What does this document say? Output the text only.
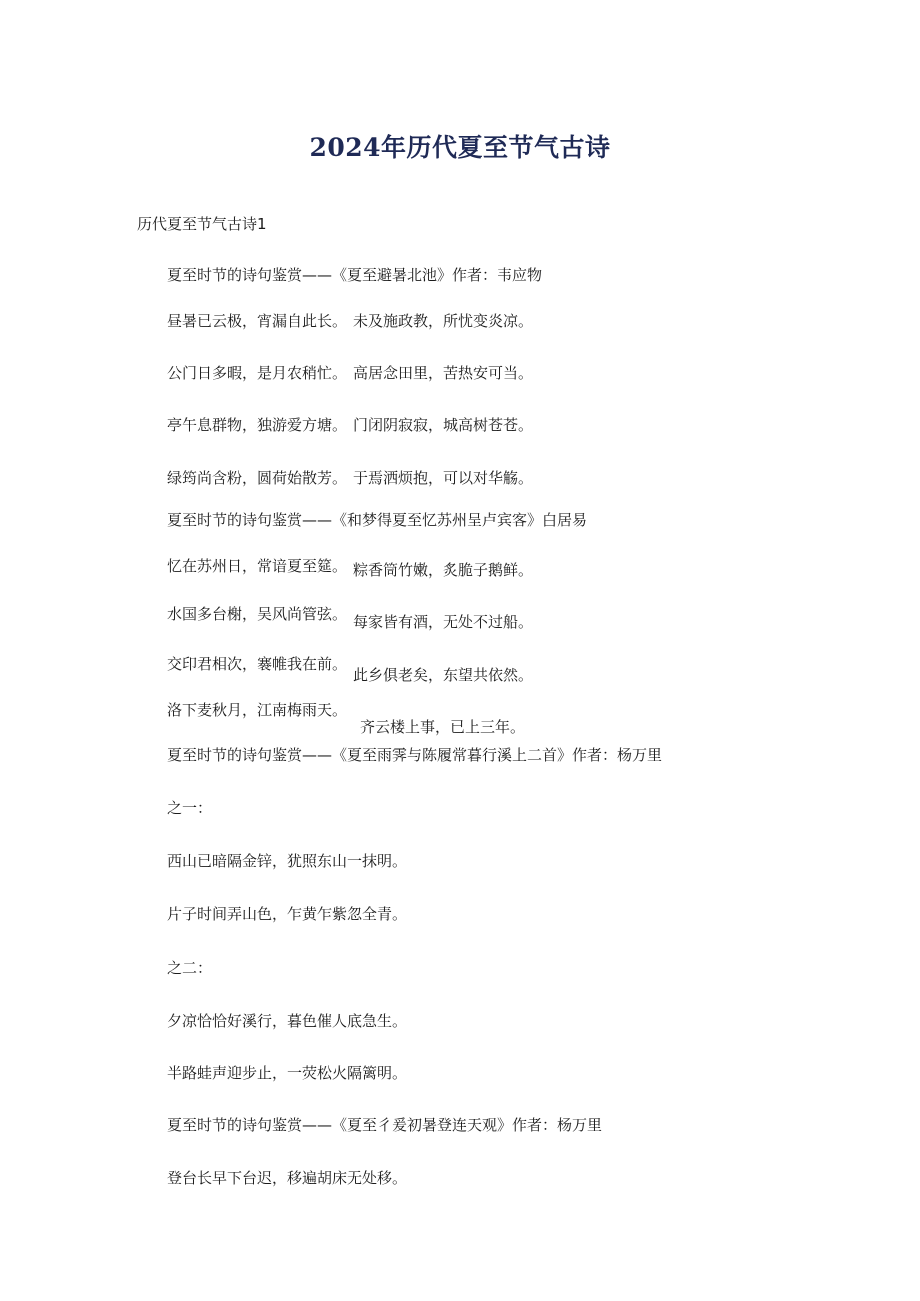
2024年历代夏至节气古诗
历代夏至节气古诗1
夏至时节的诗句鉴赏——《夏至避暑北池》作者：韦应物
昼暑已云极，宵漏自此长。 未及施政教，所忧变炎凉。
公门日多暇，是月农稍忙。 高居念田里，苦热安可当。
亭午息群物，独游爱方塘。 门闭阴寂寂，城高树苍苍。
绿筠尚含粉，圆荷始散芳。 于焉洒烦抱，可以对华觞。
夏至时节的诗句鉴赏——《和梦得夏至忆苏州呈卢宾客》白居易
忆在苏州日，常谙夏至筵。
水国多台榭，吴风尚管弦。
交印君相次，褰帷我在前。
洛下麦秋月，江南梅雨天。
粽香筒竹嫩，炙脆子鹅鲜。
每家皆有酒，无处不过船。
此乡俱老矣，东望共依然。
齐云楼上事，已上三年。
夏至时节的诗句鉴赏——《夏至雨霁与陈履常暮行溪上二首》作者：杨万里
之一：
西山已暗隔金锌，犹照东山一抹明。
片子时间弄山色，乍黄乍紫忽全青。
之二：
夕凉恰恰好溪行，暮色催人底急生。
半路蛙声迎步止，一荧松火隔篱明。
夏至时节的诗句鉴赏——《夏至彳爰初暑登连天观》作者：杨万里
登台长早下台迟，移遍胡床无处移。
